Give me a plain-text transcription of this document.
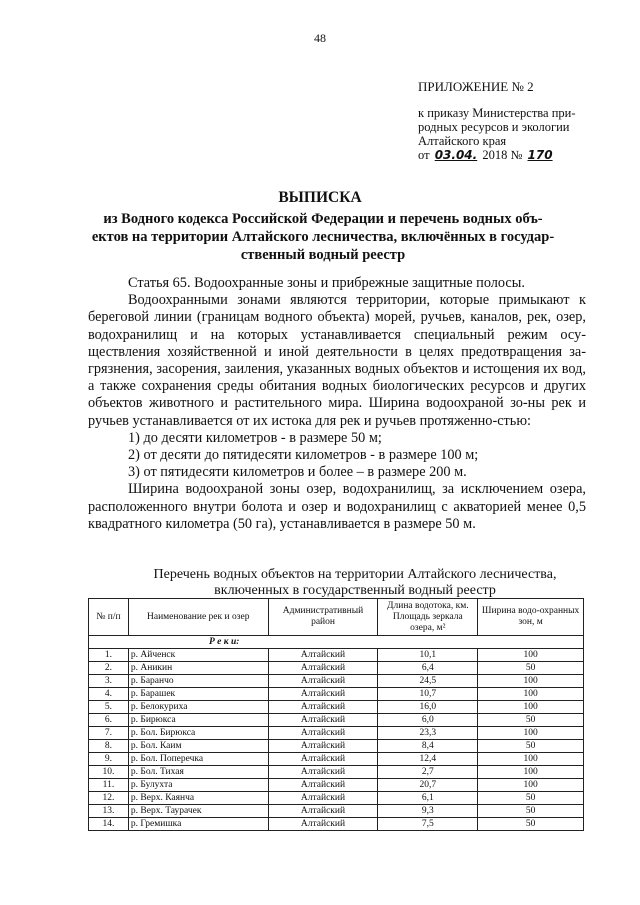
48
ПРИЛОЖЕНИЕ № 2
к приказу Министерства при-
родных ресурсов и экологии
Алтайского края
от 03.04. 2018 № 170
ВЫПИСКА
из Водного кодекса Российской Федерации и перечень водных объ-ектов на территории Алтайского лесничества, включённых в государ-ственный водный реестр

Статья 65. Водоохранные зоны и прибрежные защитные полосы.

Водоохранными зонами являются территории, которые примыкают к береговой линии (границам водного объекта) морей, ручьев, каналов, рек, озер, водохранилищ и на которых устанавливается специальный режим осу-ществления хозяйственной и иной деятельности в целях предотвращения за-грязнения, засорения, заиления, указанных водных объектов и истощения их вод, а также сохранения среды обитания водных биологических ресурсов и других объектов животного и растительного мира. Ширина водоохраной зо-ны рек и ручьев устанавливается от их истока для рек и ручьев протяженно-стью:

1) до десяти километров - в размере 50 м;

2) от десяти до пятидесяти километров - в размере 100 м;

3) от пятидесяти километров и более – в размере 200 м.

Ширина водоохраной зоны озер, водохранилищ, за исключением озера, расположенного внутри болота и озер и водохранилищ с акваторией менее 0,5 квадратного километра (50 га), устанавливается в размере 50 м.

Перечень водных объектов на территории Алтайского лесничества, включенных в государственный водный реестр
№ п/п	Наименование рек и озер	Административный район	Длина водотока, км. Площадь зеркала озера, м²	Ширина водо-охранных зон, м
Р е к и:				
1.	р. Айченск	Алтайский	10,1	100
2.	р. Аникин	Алтайский	6,4	50
3.	р. Баранчо	Алтайский	24,5	100
4.	р. Барашек	Алтайский	10,7	100
5.	р. Белокуриха	Алтайский	16,0	100
6.	р. Бирюкса	Алтайский	6,0	50
7.	р. Бол. Бирюкса	Алтайский	23,3	100
8.	р. Бол. Каим	Алтайский	8,4	50
9.	р. Бол. Поперечка	Алтайский	12,4	100
10.	р. Бол. Тихая	Алтайский	2,7	100
11.	р. Булухта	Алтайский	20,7	100
12.	р. Верх. Каянча	Алтайский	6,1	50
13.	р. Верх. Таурачек	Алтайский	9,3	50
14.	р. Гремишка	Алтайский	7,5	50
